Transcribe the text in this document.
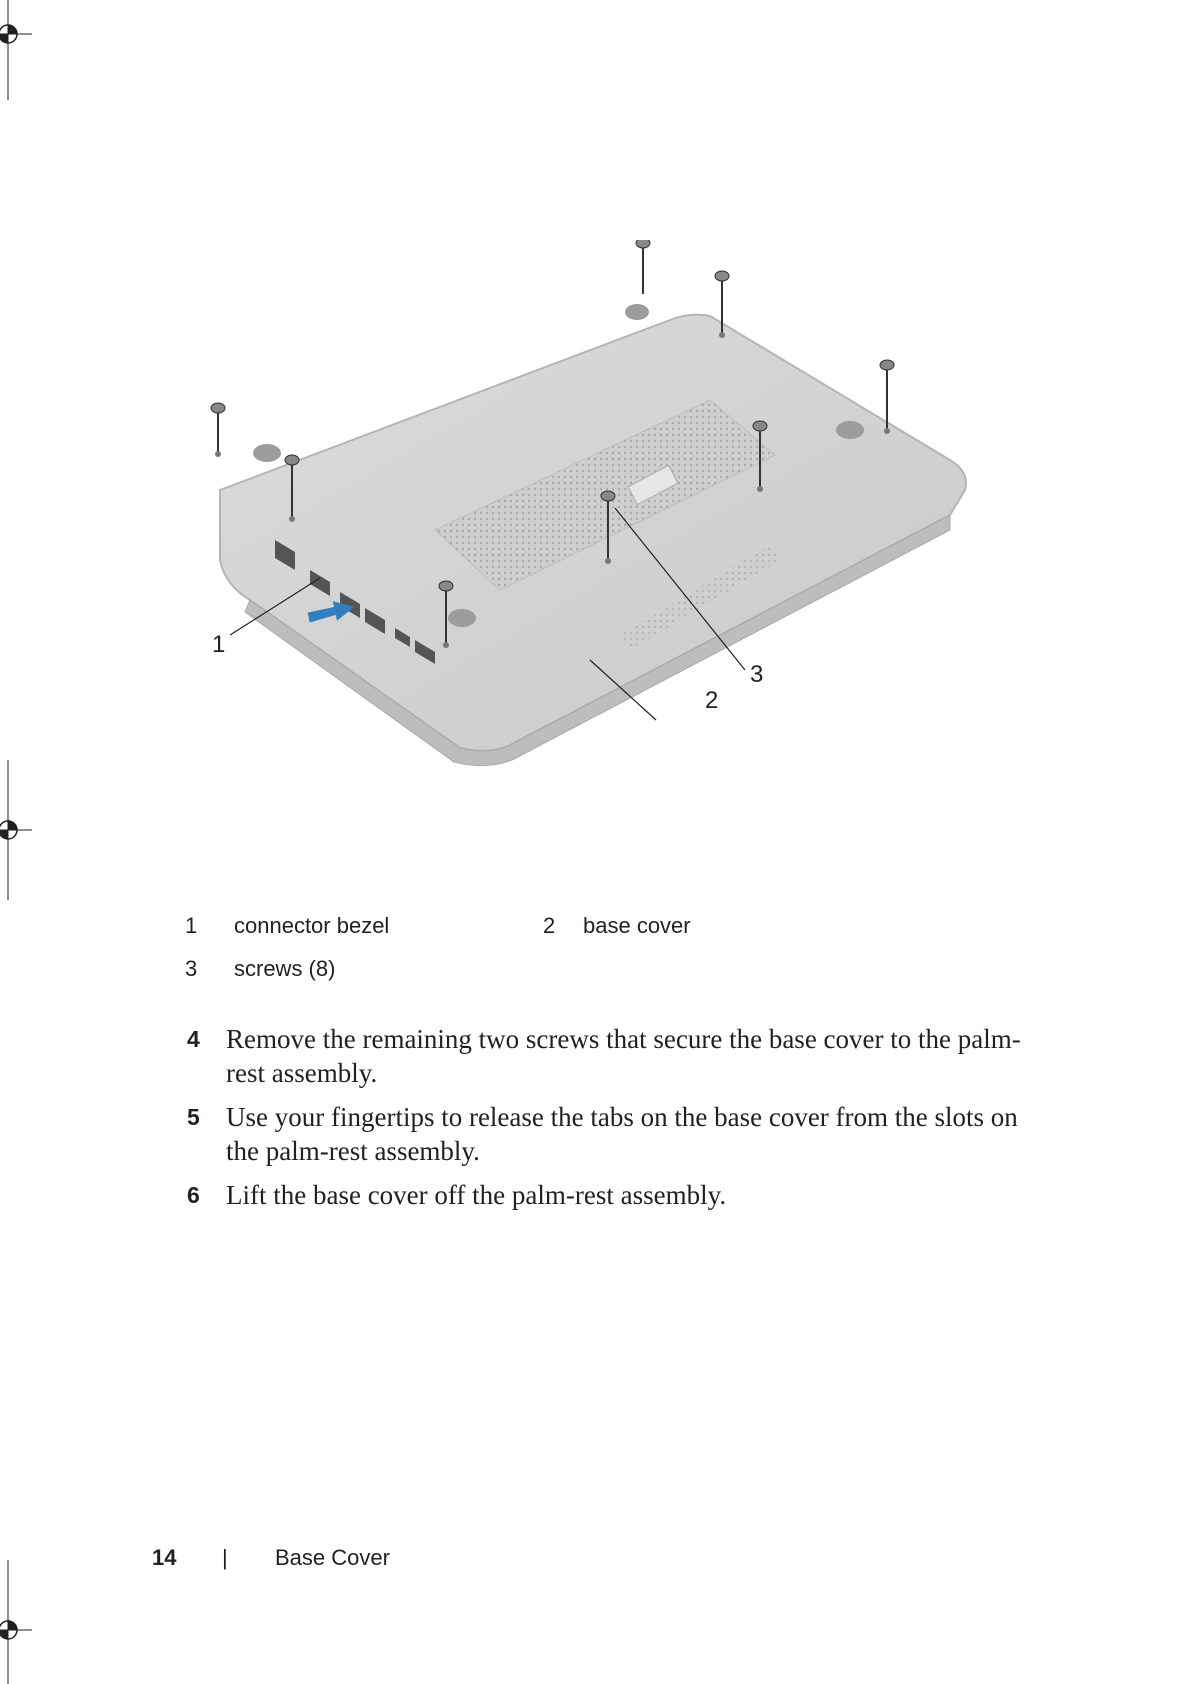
1
2
3
1	connector bezel	2	base cover
3	screws (8)
4 Remove the remaining two screws that secure the base cover to the palm-rest assembly.
5 Use your fingertips to release the tabs on the base cover from the slots on the palm-rest assembly.
6 Lift the base cover off the palm-rest assembly.
14 | Base Cover
